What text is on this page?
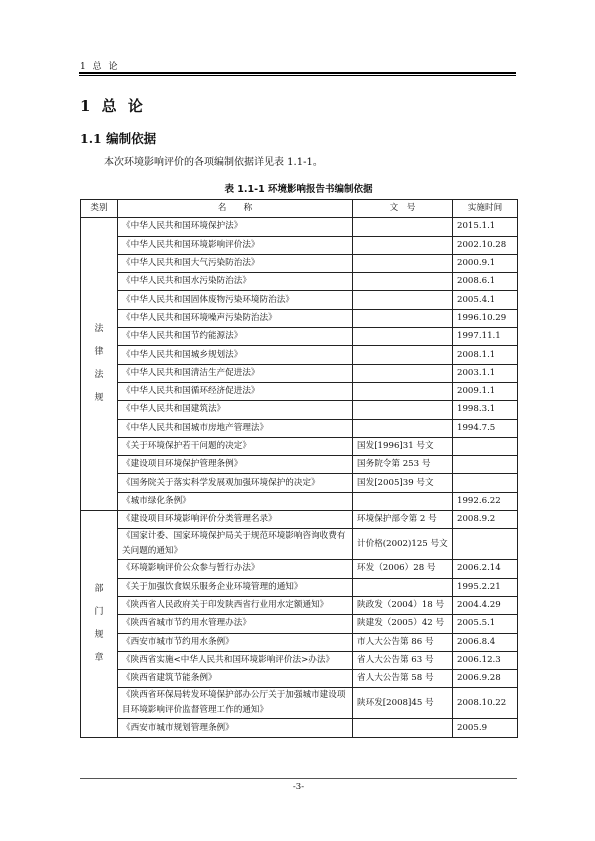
1 总 论
1 总 论
1.1 编制依据
本次环境影响评价的各项编制依据详见表 1.1-1。
表 1.1-1 环境影响报告书编制依据
类别	名　　称	文　号	实施时间

法
律
法
规	《中华人民共和国环境保护法》		2015.1.1
	《中华人民共和国环境影响评价法》		2002.10.28
	《中华人民共和国大气污染防治法》		2000.9.1
	《中华人民共和国水污染防治法》		2008.6.1
	《中华人民共和国固体废物污染环境防治法》		2005.4.1
	《中华人民共和国环境噪声污染防治法》		1996.10.29
	《中华人民共和国节约能源法》		1997.11.1
	《中华人民共和国城乡规划法》		2008.1.1
	《中华人民共和国清洁生产促进法》		2003.1.1
	《中华人民共和国循环经济促进法》		2009.1.1
	《中华人民共和国建筑法》		1998.3.1
	《中华人民共和国城市房地产管理法》		1994.7.5
	《关于环境保护若干问题的决定》	国发[1996]31 号文	
	《建设项目环境保护管理条例》	国务院令第 253 号	
	《国务院关于落实科学发展观加强环境保护的决定》	国发[2005]39 号文	
	《城市绿化条例》		1992.6.22

部
门
规
章	《建设项目环境影响评价分类管理名录》	环境保护部令第 2 号	2008.9.2
	《国家计委、国家环境保护局关于规范环境影响咨询收费有关问题的通知》	计价格(2002)125 号文	
	《环境影响评价公众参与暂行办法》	环发（2006）28 号	2006.2.14
	《关于加强饮食娱乐服务企业环境管理的通知》		1995.2.21
	《陕西省人民政府关于印发陕西省行业用水定额通知》	陕政发（2004）18 号	2004.4.29
	《陕西省城市节约用水管理办法》	陕建发（2005）42 号	2005.5.1
	《西安市城市节约用水条例》	市人大公告第 86 号	2006.8.4
	《陕西省实施<中华人民共和国环境影响评价法>办法》	省人大公告第 63 号	2006.12.3
	《陕西省建筑节能条例》	省人大公告第 58 号	2006.9.28
	《陕西省环保局转发环境保护部办公厅关于加强城市建设项目环境影响评价监督管理工作的通知》	陕环发[2008]45 号	2008.10.22
	《西安市城市规划管理条例》		2005.9
-3-
